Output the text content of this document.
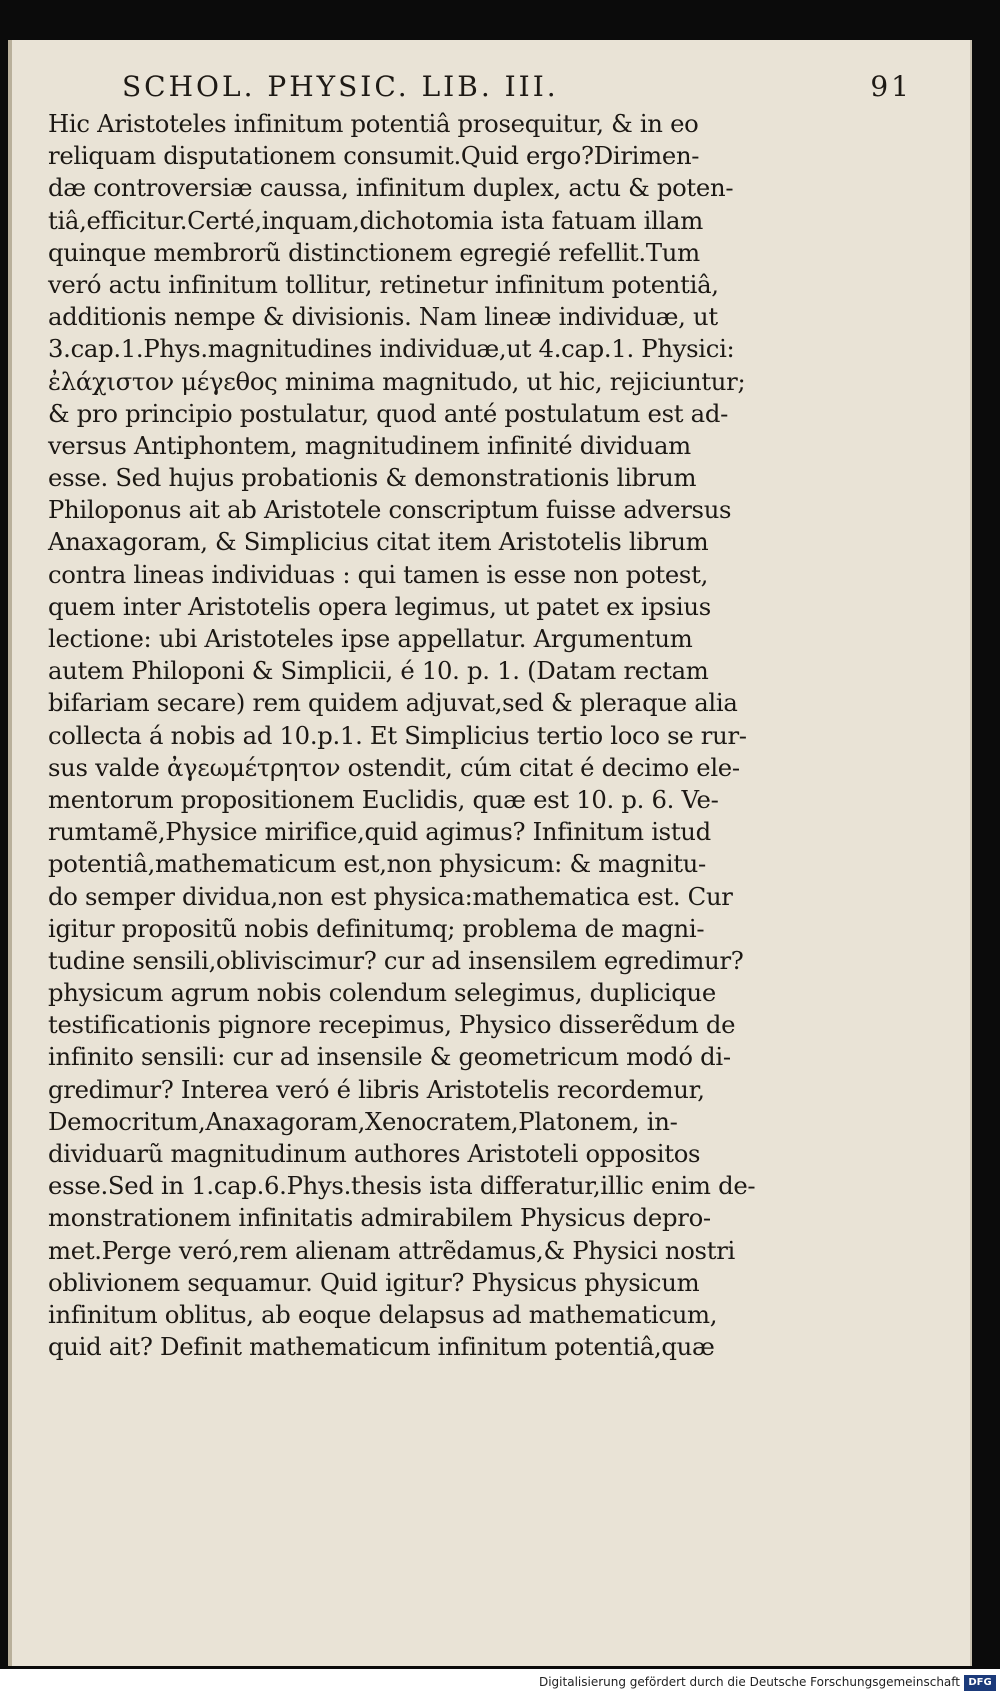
SCHOL. PHYSIC. LIB. III.	91
Hic Aristoteles infinitum potentiâ prosequitur, & in eo
reliquam disputationem consumit.Quid ergo?Dirimen-
dæ controversiæ caussa, infinitum duplex, actu & poten-
tiâ,efficitur.Certé,inquam,dichotomia ista fatuam illam
quinque membrorũ distinctionem egregié refellit.Tum
veró actu infinitum tollitur, retinetur infinitum potentiâ,
additionis nempe & divisionis. Nam lineæ individuæ, ut
3.cap.1.Phys.magnitudines individuæ,ut 4.cap.1. Physici:
ἐλάχιστον μέγεθος minima magnitudo, ut hic, rejiciuntur;
& pro principio postulatur, quod anté postulatum est ad-
versus Antiphontem, magnitudinem infinité dividuam
esse. Sed hujus probationis & demonstrationis librum
Philoponus ait ab Aristotele conscriptum fuisse adversus
Anaxagoram, & Simplicius citat item Aristotelis librum
contra lineas individuas : qui tamen is esse non potest,
quem inter Aristotelis opera legimus, ut patet ex ipsius
lectione: ubi Aristoteles ipse appellatur. Argumentum
autem Philoponi & Simplicii, é 10. p. 1. (Datam rectam
bifariam secare) rem quidem adjuvat,sed & pleraque alia
collecta á nobis ad 10.p.1. Et Simplicius tertio loco se rur-
sus valde ἀγεωμέτρητον ostendit, cúm citat é decimo ele-
mentorum propositionem Euclidis, quæ est 10. p. 6. Ve-
rumtamẽ,Physice mirifice,quid agimus? Infinitum istud
potentiâ,mathematicum est,non physicum: & magnitu-
do semper dividua,non est physica:mathematica est. Cur
igitur propositũ nobis definitumq; problema de magni-
tudine sensili,obliviscimur? cur ad insensilem egredimur?
physicum agrum nobis colendum selegimus, duplicique
testificationis pignore recepimus, Physico disserẽdum de
infinito sensili: cur ad insensile & geometricum modó di-
gredimur? Interea veró é libris Aristotelis recordemur,
Democritum,Anaxagoram,Xenocratem,Platonem, in-
dividuarũ magnitudinum authores Aristoteli oppositos
esse.Sed in 1.cap.6.Phys.thesis ista differatur,illic enim de-
monstrationem infinitatis admirabilem Physicus depro-
met.Perge veró,rem alienam attrẽdamus,& Physici nostri
oblivionem sequamur. Quid igitur? Physicus physicum
infinitum oblitus, ab eoque delapsus ad mathematicum,
quid ait? Definit mathematicum infinitum potentiâ,quæ
Digitalisierung gefördert durch die Deutsche Forschungsgemeinschaft DFG
